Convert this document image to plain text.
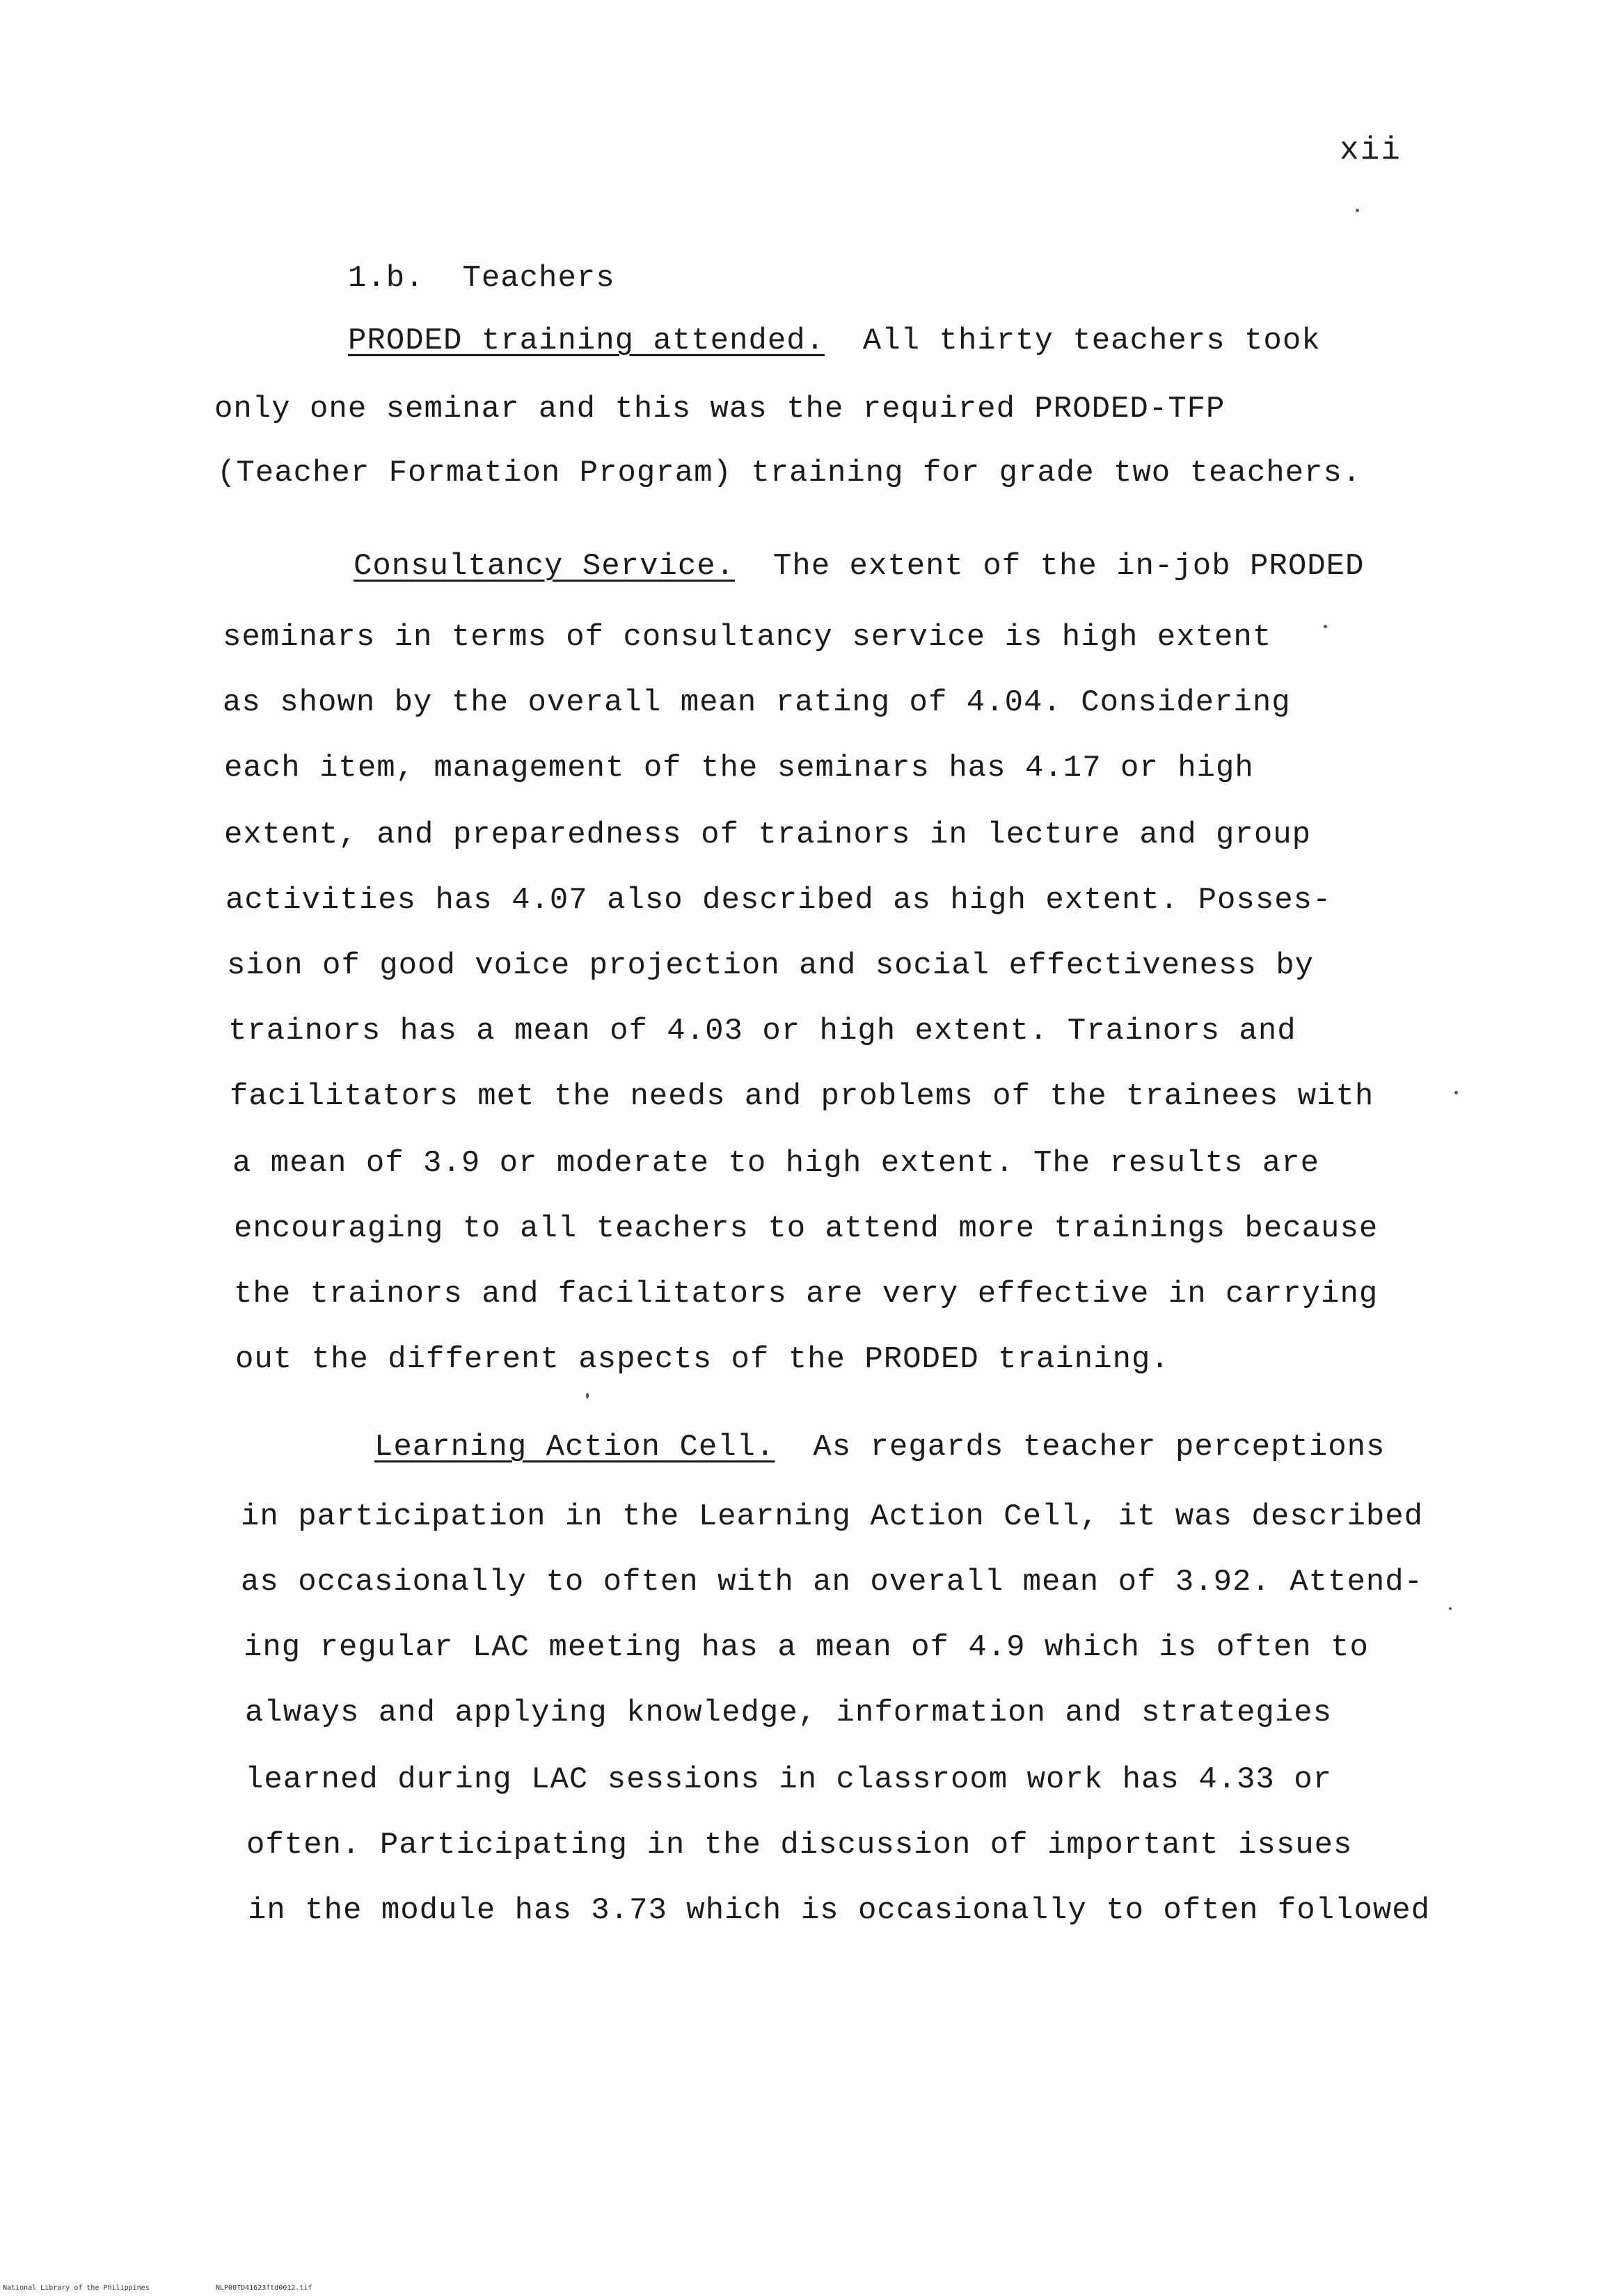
xii
1.b. Teachers
PRODED training attended. All thirty teachers took
only one seminar and this was the required PRODED-TFP
(Teacher Formation Program) training for grade two teachers.
Consultancy Service. The extent of the in-job PRODED
seminars in terms of consultancy service is high extent
as shown by the overall mean rating of 4.04. Considering
each item, management of the seminars has 4.17 or high
extent, and preparedness of trainors in lecture and group
activities has 4.07 also described as high extent. Posses-
sion of good voice projection and social effectiveness by
trainors has a mean of 4.03 or high extent. Trainors and
facilitators met the needs and problems of the trainees with
a mean of 3.9 or moderate to high extent. The results are
encouraging to all teachers to attend more trainings because
the trainors and facilitators are very effective in carrying
out the different aspects of the PRODED training.
Learning Action Cell. As regards teacher perceptions
in participation in the Learning Action Cell, it was described
as occasionally to often with an overall mean of 3.92. Attend-
ing regular LAC meeting has a mean of 4.9 which is often to
always and applying knowledge, information and strategies
learned during LAC sessions in classroom work has 4.33 or
often. Participating in the discussion of important issues
in the module has 3.73 which is occasionally to often followed
National Library of the Philippines	NLP00TD41623ftd0012.tif
